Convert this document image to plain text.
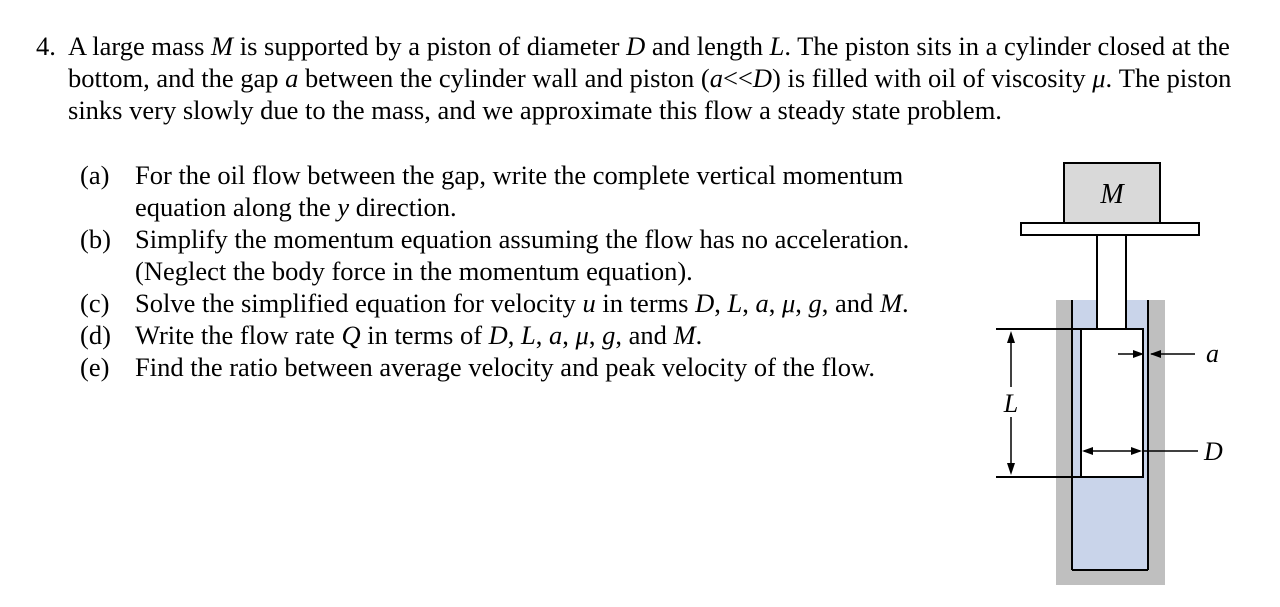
4. A large mass M is supported by a piston of diameter D and length L. The piston sits in a cylinder closed at the bottom, and the gap a between the cylinder wall and piston (a<<D) is filled with oil of viscosity μ. The piston sinks very slowly due to the mass, and we approximate this flow a steady state problem.
(a) For the oil flow between the gap, write the complete vertical momentum equation along the y direction.
(b) Simplify the momentum equation assuming the flow has no acceleration. (Neglect the body force in the momentum equation).
(c) Solve the simplified equation for velocity u in terms D, L, a, μ, g, and M.
(d) Write the flow rate Q in terms of D, L, a, μ, g, and M.
(e) Find the ratio between average velocity and peak velocity of the flow.
M
L
a
D
